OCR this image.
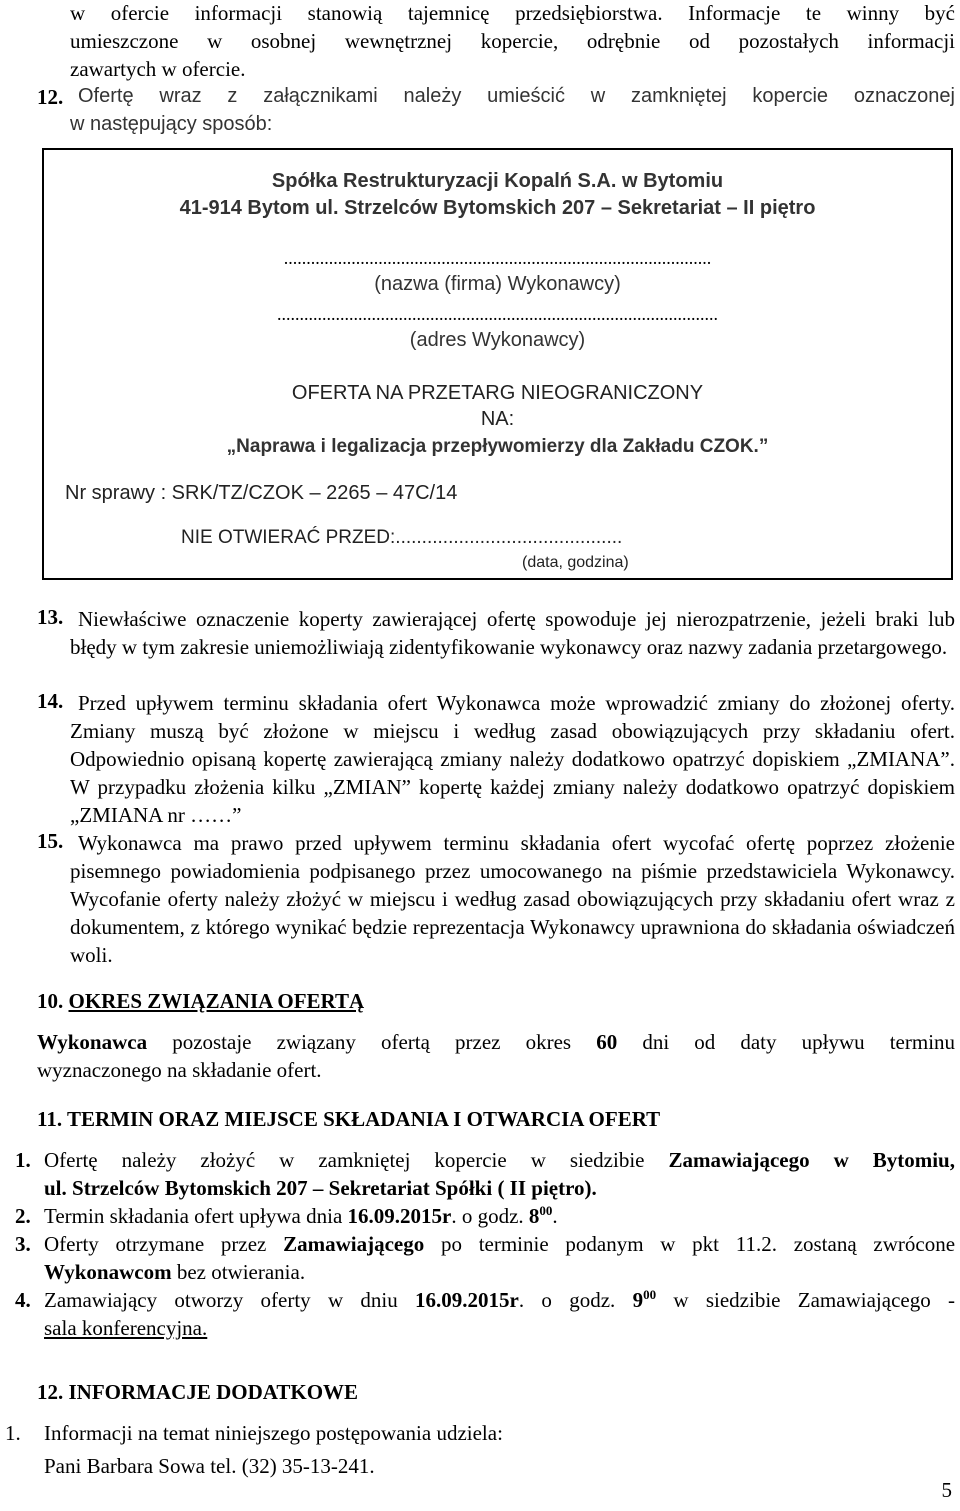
w ofercie informacji stanowią tajemnicę przedsiębiorstwa. Informacje te winny być
umieszczone w osobnej wewnętrznej kopercie, odrębnie od pozostałych informacji
zawartych w ofercie.
12. Ofertę wraz z załącznikami należy umieścić w zamkniętej kopercie oznaczonej
w następujący sposób:
Spółka Restrukturyzacji Kopalń S.A. w Bytomiu
41-914 Bytom ul. Strzelców Bytomskich 207 – Sekretariat – II piętro
...............................................................................................
(nazwa (firma) Wykonawcy)
..................................................................................................
(adres Wykonawcy)
OFERTA NA PRZETARG NIEOGRANICZONY
NA:
„Naprawa i legalizacja przepływomierzy dla Zakładu CZOK.”
Nr sprawy : SRK/TZ/CZOK – 2265 – 47C/14
NIE OTWIERAĆ PRZED:...........................................
(data, godzina)
13. Niewłaściwe oznaczenie koperty zawierającej ofertę spowoduje jej nierozpatrzenie, jeżeli braki lub błędy w tym zakresie uniemożliwiają zidentyfikowanie wykonawcy oraz nazwy zadania przetargowego.

14. Przed upływem terminu składania ofert Wykonawca może wprowadzić zmiany do złożonej oferty. Zmiany muszą być złożone w miejscu i według zasad obowiązujących przy składaniu ofert. Odpowiednio opisaną kopertę zawierającą zmiany należy dodatkowo opatrzyć dopiskiem „ZMIANA”. W przypadku złożenia kilku „ZMIAN” kopertę każdej zmiany należy dodatkowo opatrzyć dopiskiem „ZMIANA nr ……”

15. Wykonawca ma prawo przed upływem terminu składania ofert wycofać ofertę poprzez złożenie pisemnego powiadomienia podpisanego przez umocowanego na piśmie przedstawiciela Wykonawcy. Wycofanie oferty należy złożyć w miejscu i według zasad obowiązujących przy składaniu ofert wraz z dokumentem, z którego wynikać będzie reprezentacja Wykonawcy uprawniona do składania oświadczeń woli.

10. OKRES ZWIĄZANIA OFERTĄ
Wykonawca pozostaje związany ofertą przez okres 60 dni od daty upływu terminu
wyznaczonego na składanie ofert.
11. TERMIN ORAZ MIEJSCE SKŁADANIA I OTWARCIA OFERT
1. Ofertę należy złożyć w zamkniętej kopercie w siedzibie Zamawiającego w Bytomiu,
ul. Strzelców Bytomskich 207 – Sekretariat Spółki ( II piętro).
2. Termin składania ofert upływa dnia 16.09.2015r. o godz. $8^{00}$.
3. Oferty otrzymane przez Zamawiającego po terminie podanym w pkt 11.2. zostaną zwrócone
Wykonawcom bez otwierania.
4. Zamawiający otworzy oferty w dniu 16.09.2015r. o godz. $9^{00}$ w siedzibie Zamawiającego -
sala konferencyjna.
12. INFORMACJE DODATKOWE
1. Informacji na temat niniejszego postępowania udziela:
Pani Barbara Sowa tel. (32) 35-13-241.
5
